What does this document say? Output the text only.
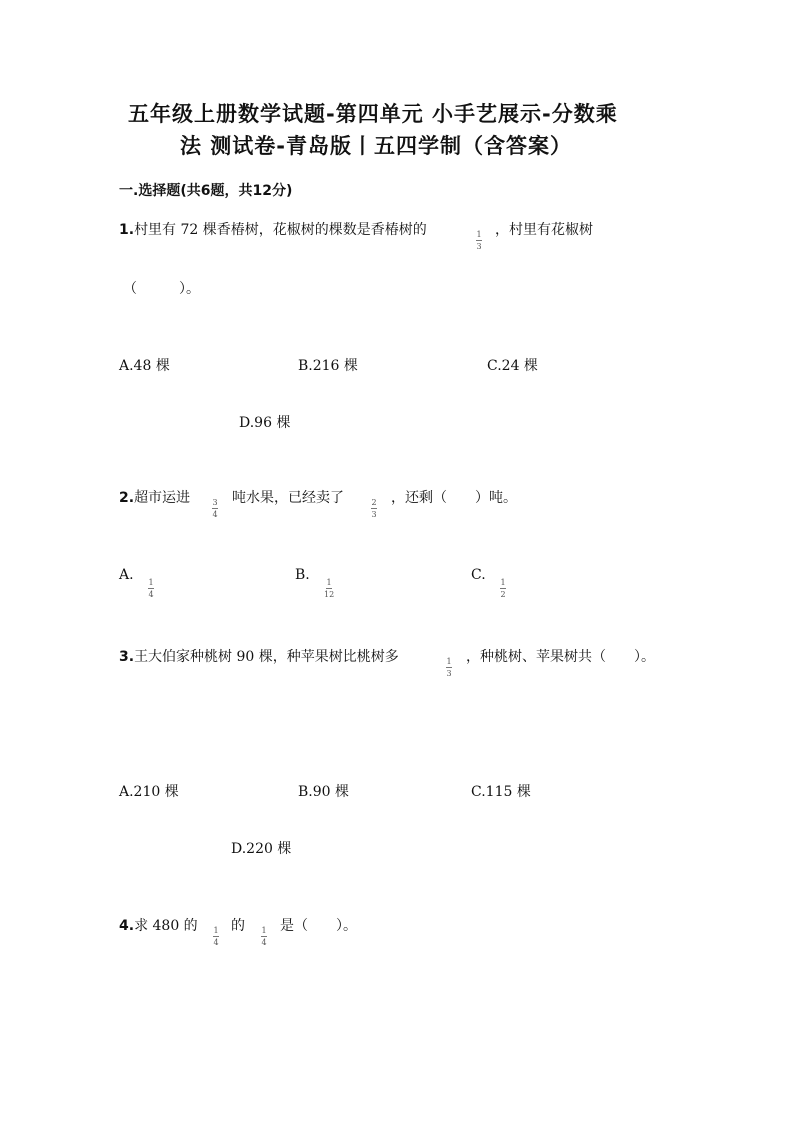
五年级上册数学试题-第四单元 小手艺展示-分数乘
法 测试卷-青岛版丨五四学制（含答案）
一.选择题(共6题，共12分)
1.村里有 72 棵香椿树，花椒树的棵数是香椿树的	1
3
，村里有花椒树
（　　　）。
A.48 棵	B.216 棵	C.24 棵
D.96 棵
2.超市运进	3
4
吨水果，已经卖了	2
3
，还剩（　　）吨。
A. 1
4
B. 1
12
C. 1
2
3.王大伯家种桃树 90 棵，种苹果树比桃树多	1
3
，种桃树、苹果树共（　　）。
A.210 棵	B.90 棵	C.115 棵
D.220 棵
4.求 480 的 1
4
的 1
4
是（　　）。
